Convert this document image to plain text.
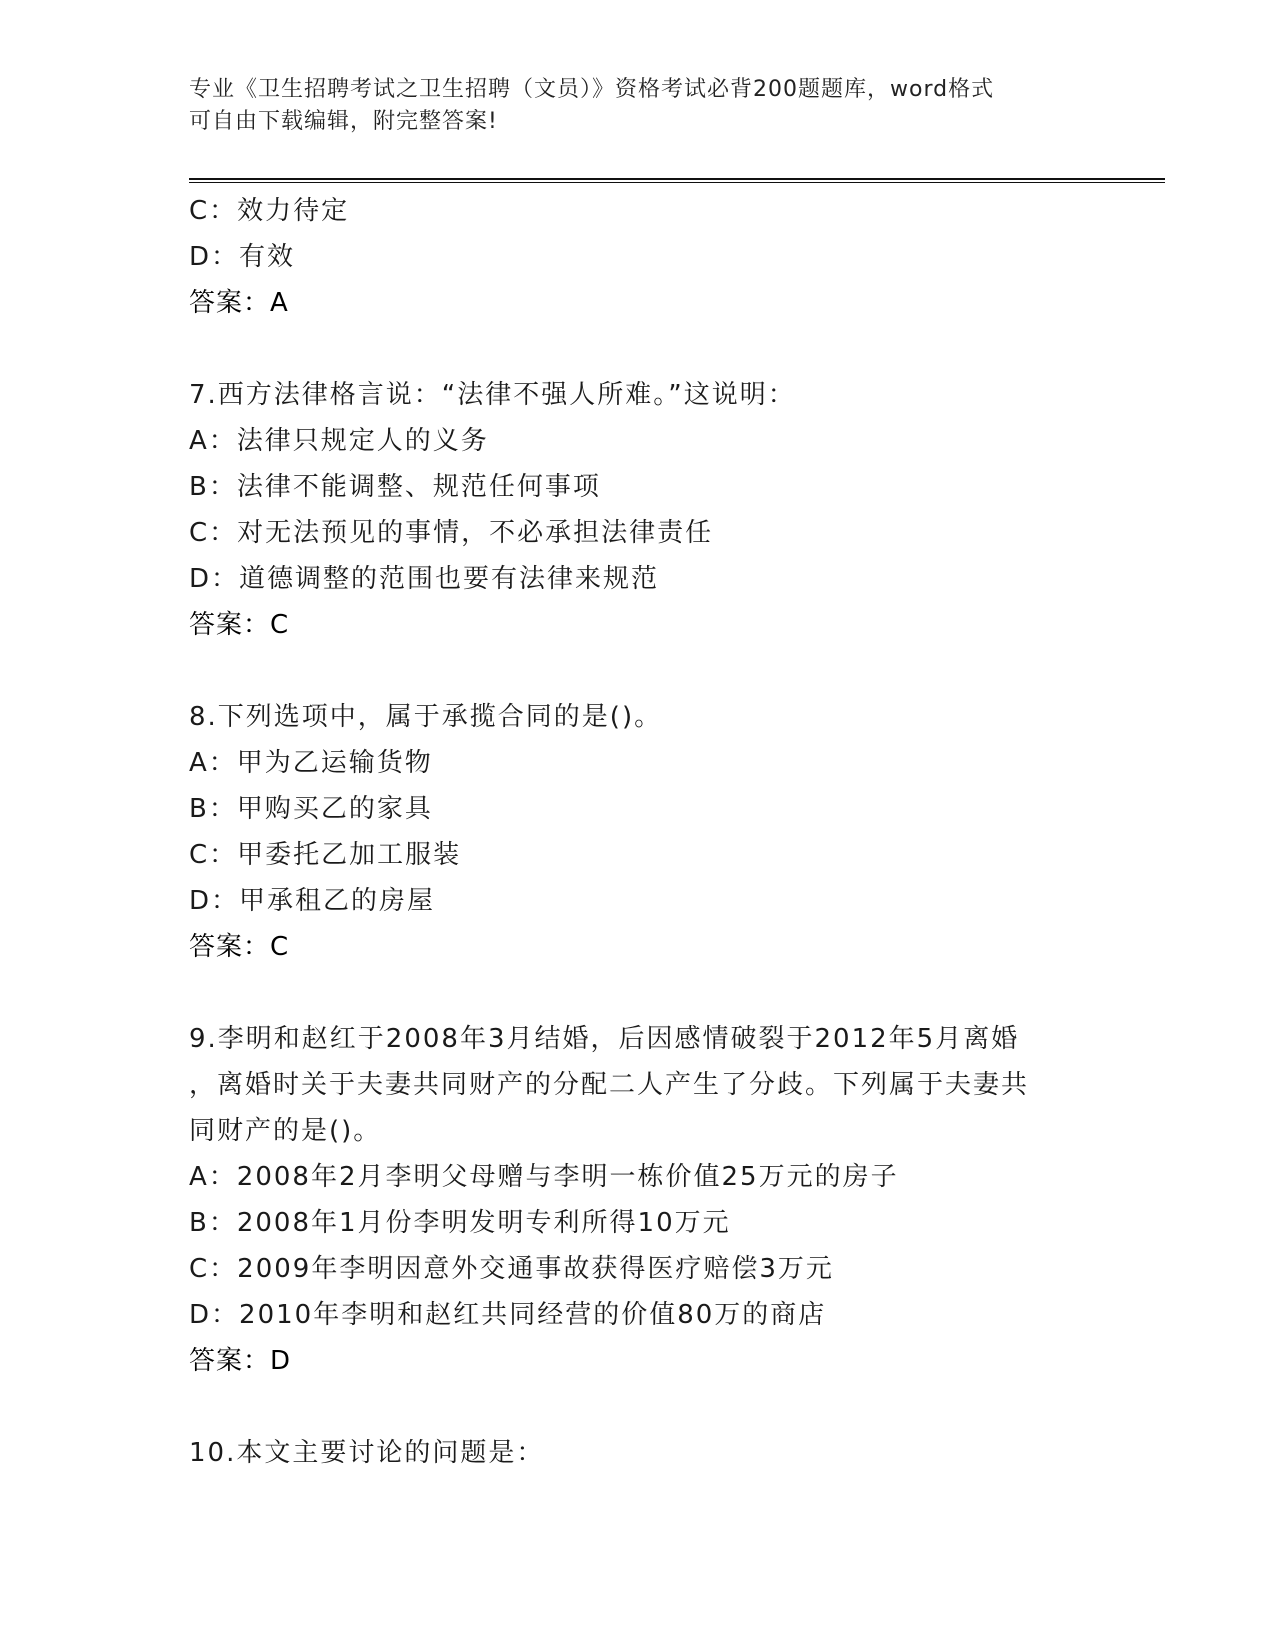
专业《卫生招聘考试之卫生招聘（文员）》资格考试必背200题题库，word格式
可自由下载编辑，附完整答案!
C：效力待定
D：有效
答案：A
7.西方法律格言说：“法律不强人所难。”这说明：
A：法律只规定人的义务
B：法律不能调整、规范任何事项
C：对无法预见的事情，不必承担法律责任
D：道德调整的范围也要有法律来规范
答案：C
8.下列选项中，属于承揽合同的是()。
A：甲为乙运输货物
B：甲购买乙的家具
C：甲委托乙加工服装
D：甲承租乙的房屋
答案：C
9.李明和赵红于2008年3月结婚，后因感情破裂于2012年5月离婚
，离婚时关于夫妻共同财产的分配二人产生了分歧。下列属于夫妻共
同财产的是()。
A：2008年2月李明父母赠与李明一栋价值25万元的房子
B：2008年1月份李明发明专利所得10万元
C：2009年李明因意外交通事故获得医疗赔偿3万元
D：2010年李明和赵红共同经营的价值80万的商店
答案：D
10.本文主要讨论的问题是：
